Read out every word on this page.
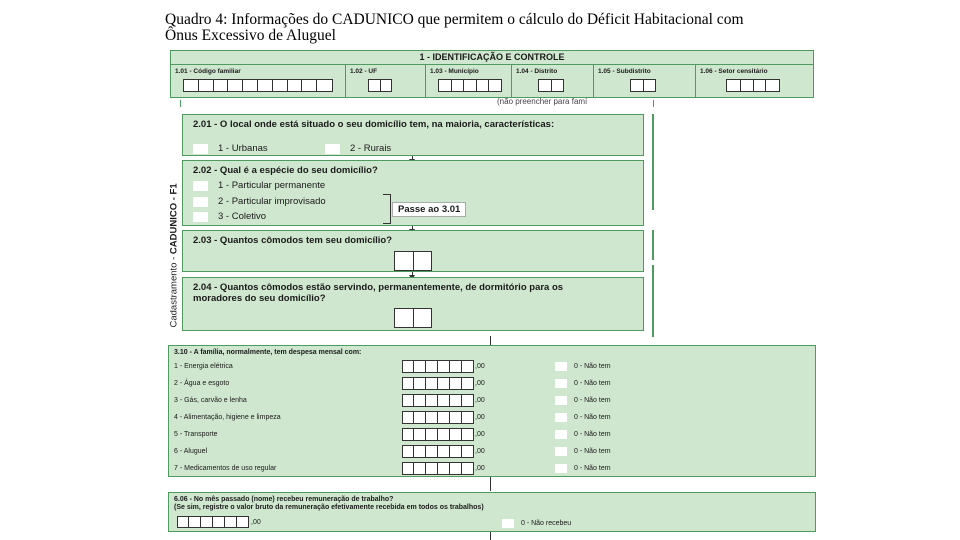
Quadro 4: Informações do CADUNICO que permitem o cálculo do Déficit Habitacional com
Ônus Excessivo de Aluguel
1 - IDENTIFICAÇÃO E CONTROLE
1.01 - Código familiar	1.02 - UF	1.03 - Município	1.04 - Distrito	1.05 - Subdistrito	1.06 - Setor censitário
(não preencher para famí
Cadastramento - CADUNICO - F1
2.01 - O local onde está situado o seu domicílio tem, na maioria, características:
1 - Urbanas	2 - Rurais
2.02 - Qual é a espécie do seu domicílio?
1 - Particular permanente
2 - Particular improvisado
3 - Coletivo
Passe ao 3.01
2.03 - Quantos cômodos tem seu domicílio?
2.04 - Quantos cômodos estão servindo, permanentemente, de dormitório para os moradores do seu domicílio?
3.10 - A família, normalmente, tem despesa mensal com:
1 - Energia elétrica	,00	0 - Não tem
2 - Água e esgoto	,00	0 - Não tem
3 - Gás, carvão e lenha	,00	0 - Não tem
4 - Alimentação, higiene e limpeza	,00	0 - Não tem
5 - Transporte	,00	0 - Não tem
6 - Aluguel	,00	0 - Não tem
7 - Medicamentos de uso regular	,00	0 - Não tem
6.06 - No mês passado (nome) recebeu remuneração de trabalho?
(Se sim, registre o valor bruto da remuneração efetivamente recebida em todos os trabalhos)
,00	0 - Não recebeu
